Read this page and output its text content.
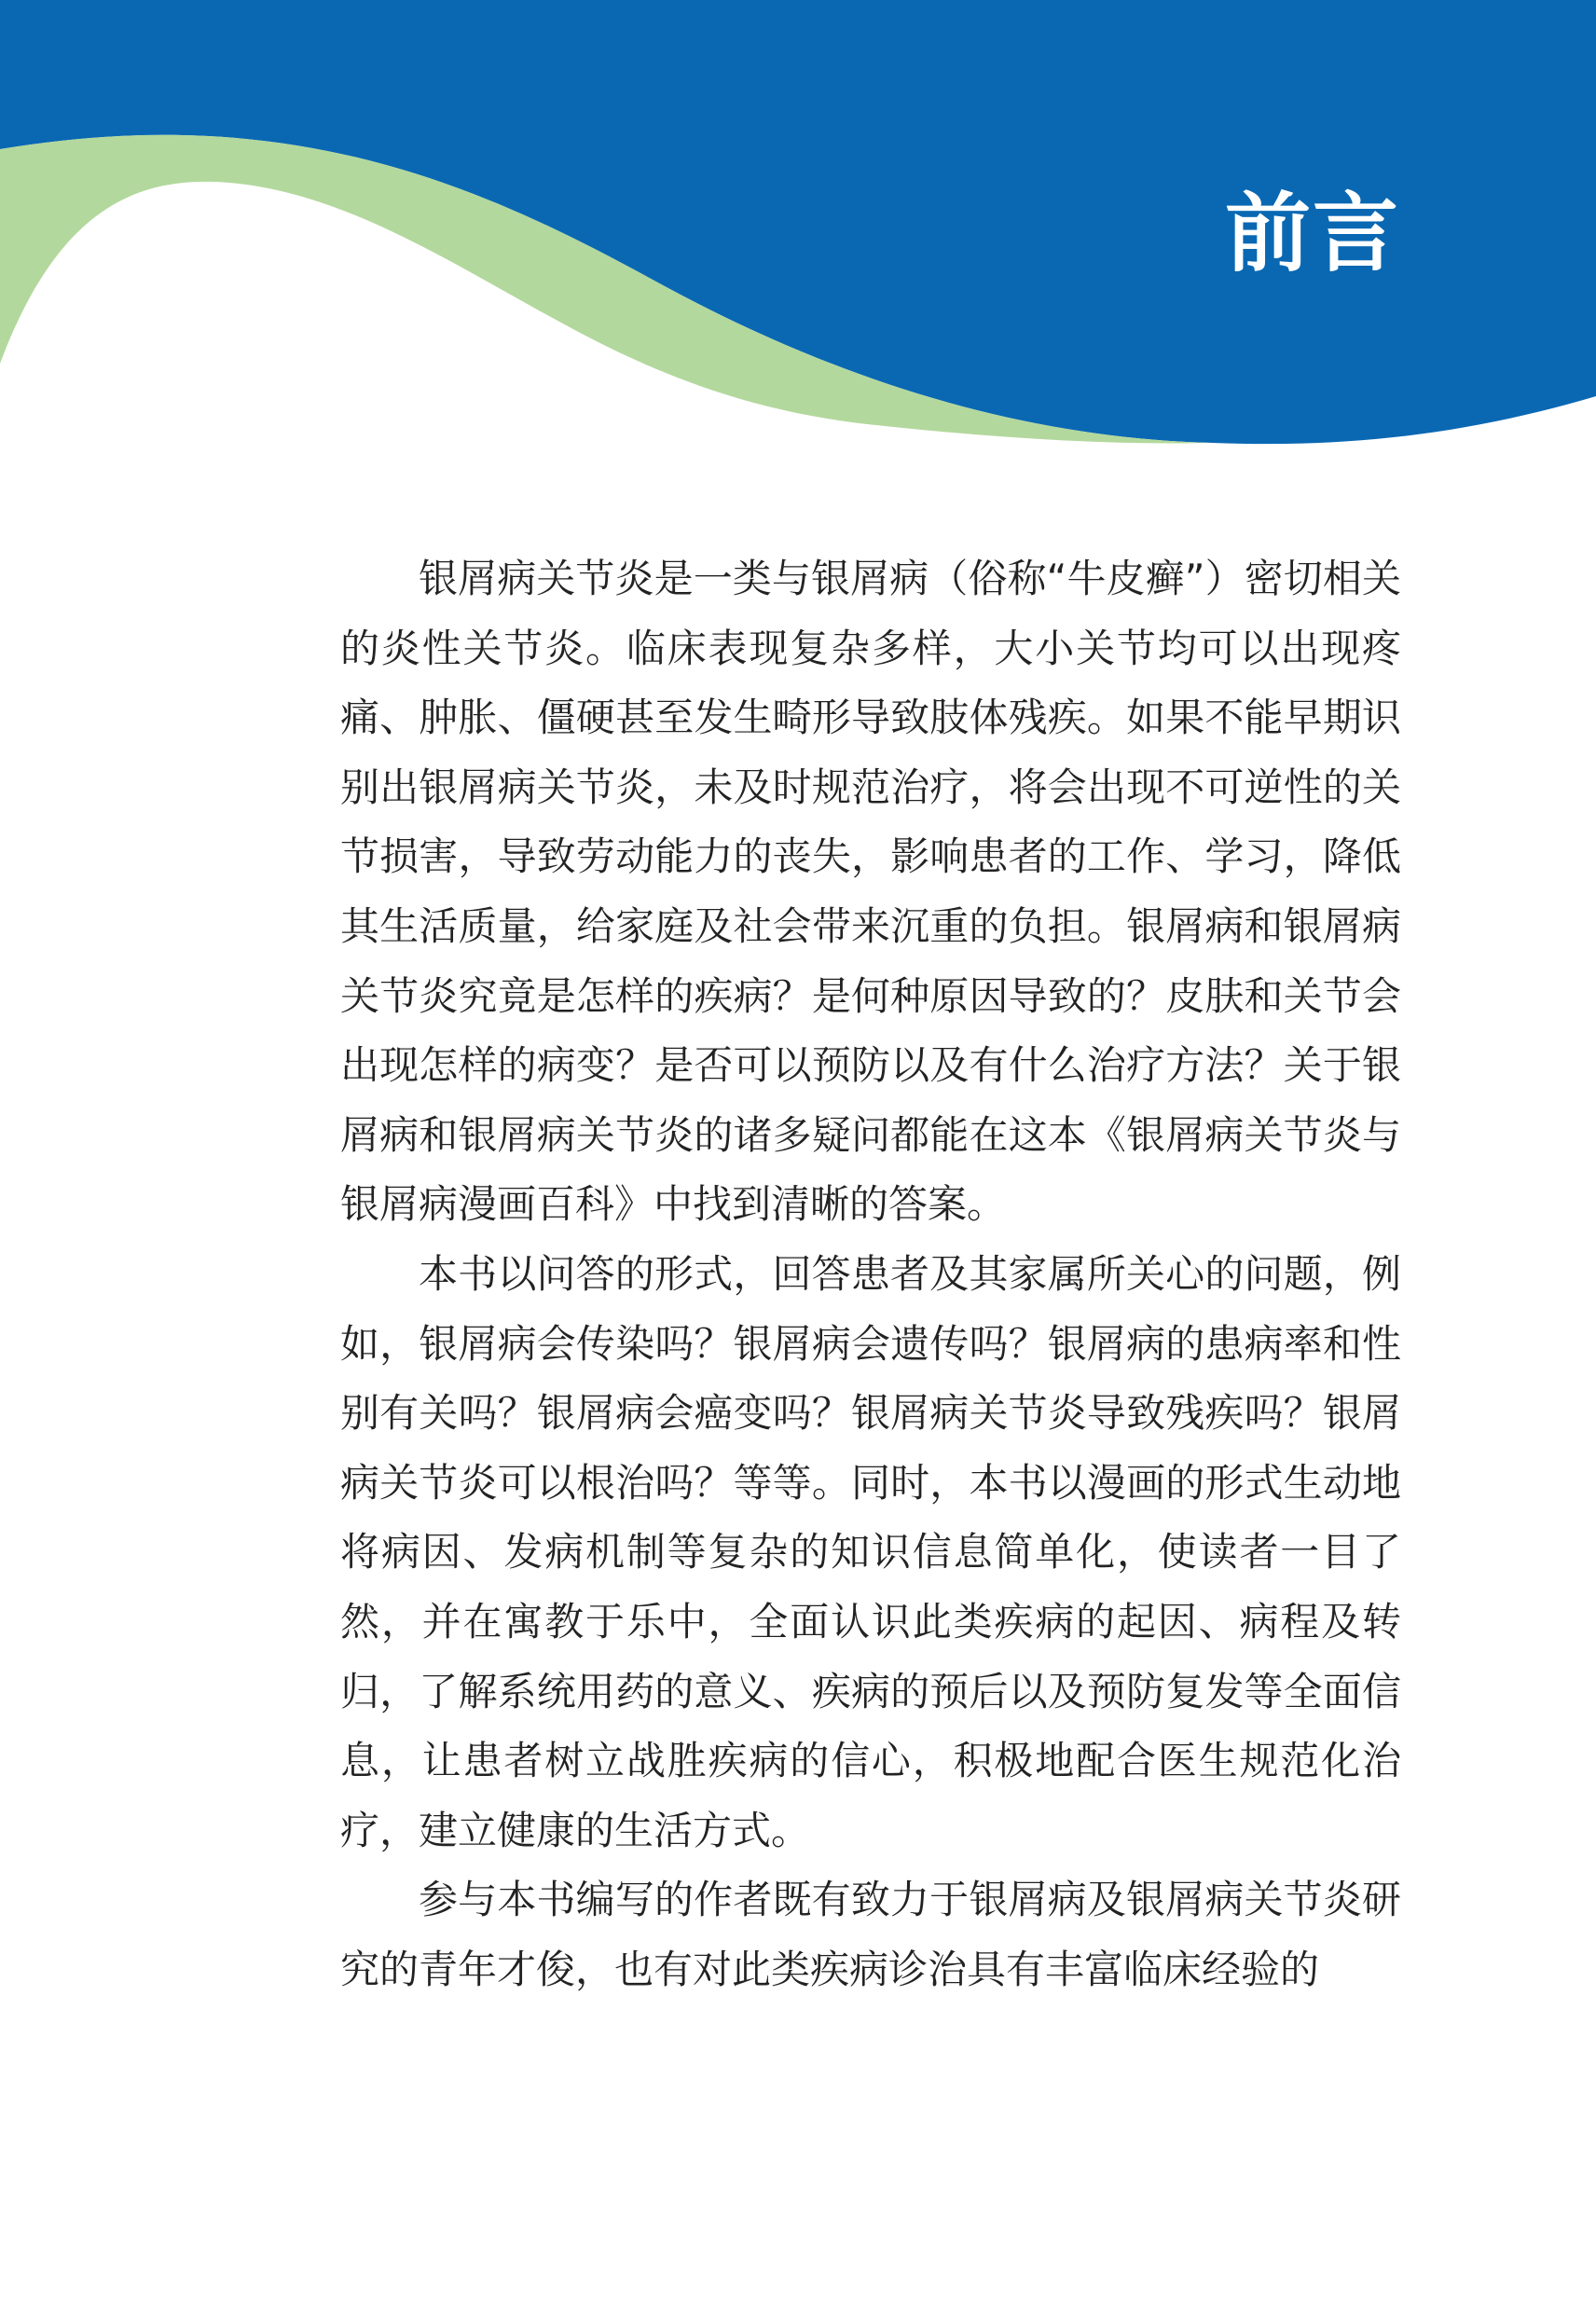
前言

银屑病关节炎是一类与银屑病（俗称“牛皮癣”）密切相关的炎性关节炎。临床表现复杂多样，大小关节均可以出现疼痛、肿胀、僵硬甚至发生畸形导致肢体残疾。如果不能早期识别出银屑病关节炎，未及时规范治疗，将会出现不可逆性的关节损害，导致劳动能力的丧失，影响患者的工作、学习，降低其生活质量，给家庭及社会带来沉重的负担。银屑病和银屑病关节炎究竟是怎样的疾病？是何种原因导致的？皮肤和关节会出现怎样的病变？是否可以预防以及有什么治疗方法？关于银屑病和银屑病关节炎的诸多疑问都能在这本《银屑病关节炎与银屑病漫画百科》中找到清晰的答案。

本书以问答的形式，回答患者及其家属所关心的问题，例如，银屑病会传染吗？银屑病会遗传吗？银屑病的患病率和性别有关吗？银屑病会癌变吗？银屑病关节炎导致残疾吗？银屑病关节炎可以根治吗？等等。同时，本书以漫画的形式生动地将病因、发病机制等复杂的知识信息简单化，使读者一目了然，并在寓教于乐中，全面认识此类疾病的起因、病程及转归，了解系统用药的意义、疾病的预后以及预防复发等全面信息，让患者树立战胜疾病的信心，积极地配合医生规范化治疗，建立健康的生活方式。

参与本书编写的作者既有致力于银屑病及银屑病关节炎研究的青年才俊，也有对此类疾病诊治具有丰富临床经验的
